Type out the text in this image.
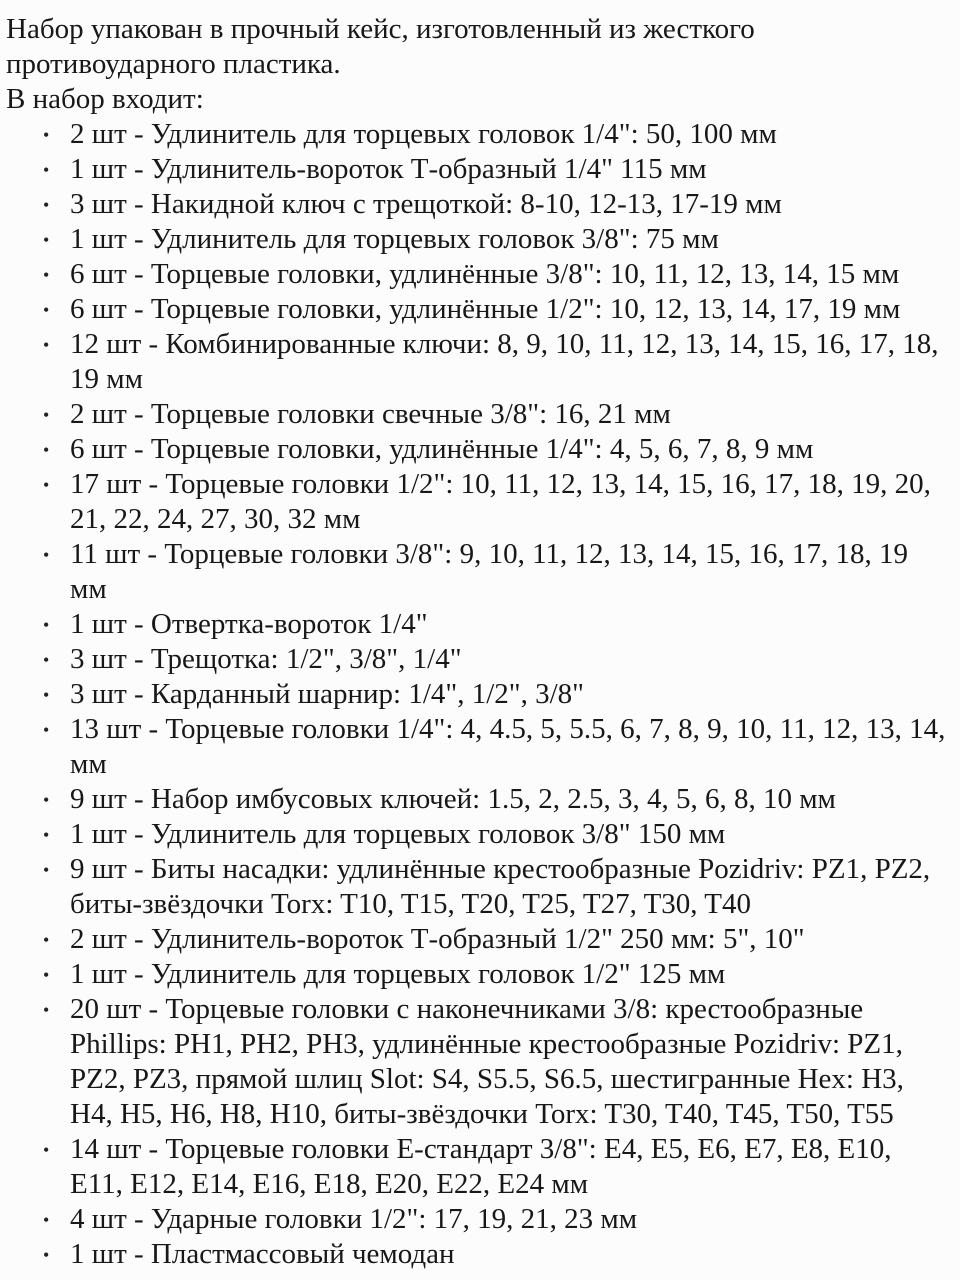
Набор упакован в прочный кейс, изготовленный из жесткого противоударного пластика.

В набор входит:

• 2 шт - Удлинитель для торцевых головок 1/4": 50, 100 мм
• 1 шт - Удлинитель-вороток Т-образный 1/4" 115 мм
• 3 шт - Накидной ключ с трещоткой: 8-10, 12-13, 17-19 мм
• 1 шт - Удлинитель для торцевых головок 3/8": 75 мм
• 6 шт - Торцевые головки, удлинённые 3/8": 10, 11, 12, 13, 14, 15 мм
• 6 шт - Торцевые головки, удлинённые 1/2": 10, 12, 13, 14, 17, 19 мм
• 12 шт - Комбинированные ключи: 8, 9, 10, 11, 12, 13, 14, 15, 16, 17, 18, 19 мм
• 2 шт - Торцевые головки свечные 3/8": 16, 21 мм
• 6 шт - Торцевые головки, удлинённые 1/4": 4, 5, 6, 7, 8, 9 мм
• 17 шт - Торцевые головки 1/2": 10, 11, 12, 13, 14, 15, 16, 17, 18, 19, 20, 21, 22, 24, 27, 30, 32 мм
• 11 шт - Торцевые головки 3/8": 9, 10, 11, 12, 13, 14, 15, 16, 17, 18, 19 мм
• 1 шт - Отвертка-вороток 1/4"
• 3 шт - Трещотка: 1/2", 3/8", 1/4"
• 3 шт - Карданный шарнир: 1/4", 1/2", 3/8"
• 13 шт - Торцевые головки 1/4": 4, 4.5, 5, 5.5, 6, 7, 8, 9, 10, 11, 12, 13, 14, мм
• 9 шт - Набор имбусовых ключей: 1.5, 2, 2.5, 3, 4, 5, 6, 8, 10 мм
• 1 шт - Удлинитель для торцевых головок 3/8" 150 мм
• 9 шт - Биты насадки: удлинённые крестообразные Pozidriv: PZ1, PZ2, биты-звёздочки Torx: T10, T15, T20, T25, T27, T30, T40
• 2 шт - Удлинитель-вороток Т-образный 1/2" 250 мм: 5", 10"
• 1 шт - Удлинитель для торцевых головок 1/2" 125 мм
• 20 шт - Торцевые головки с наконечниками 3/8: крестообразные Phillips: PH1, PH2, PH3, удлинённые крестообразные Pozidriv: PZ1, PZ2, PZ3, прямой шлиц Slot: S4, S5.5, S6.5, шестигранные Hex: H3, H4, H5, H6, H8, H10, биты-звёздочки Torx: T30, T40, T45, T50, T55
• 14 шт - Торцевые головки Е-стандарт 3/8": E4, E5, E6, E7, E8, E10, E11, E12, E14, E16, E18, E20, E22, E24 мм
• 4 шт - Ударные головки 1/2": 17, 19, 21, 23 мм
• 1 шт - Пластмассовый чемодан
